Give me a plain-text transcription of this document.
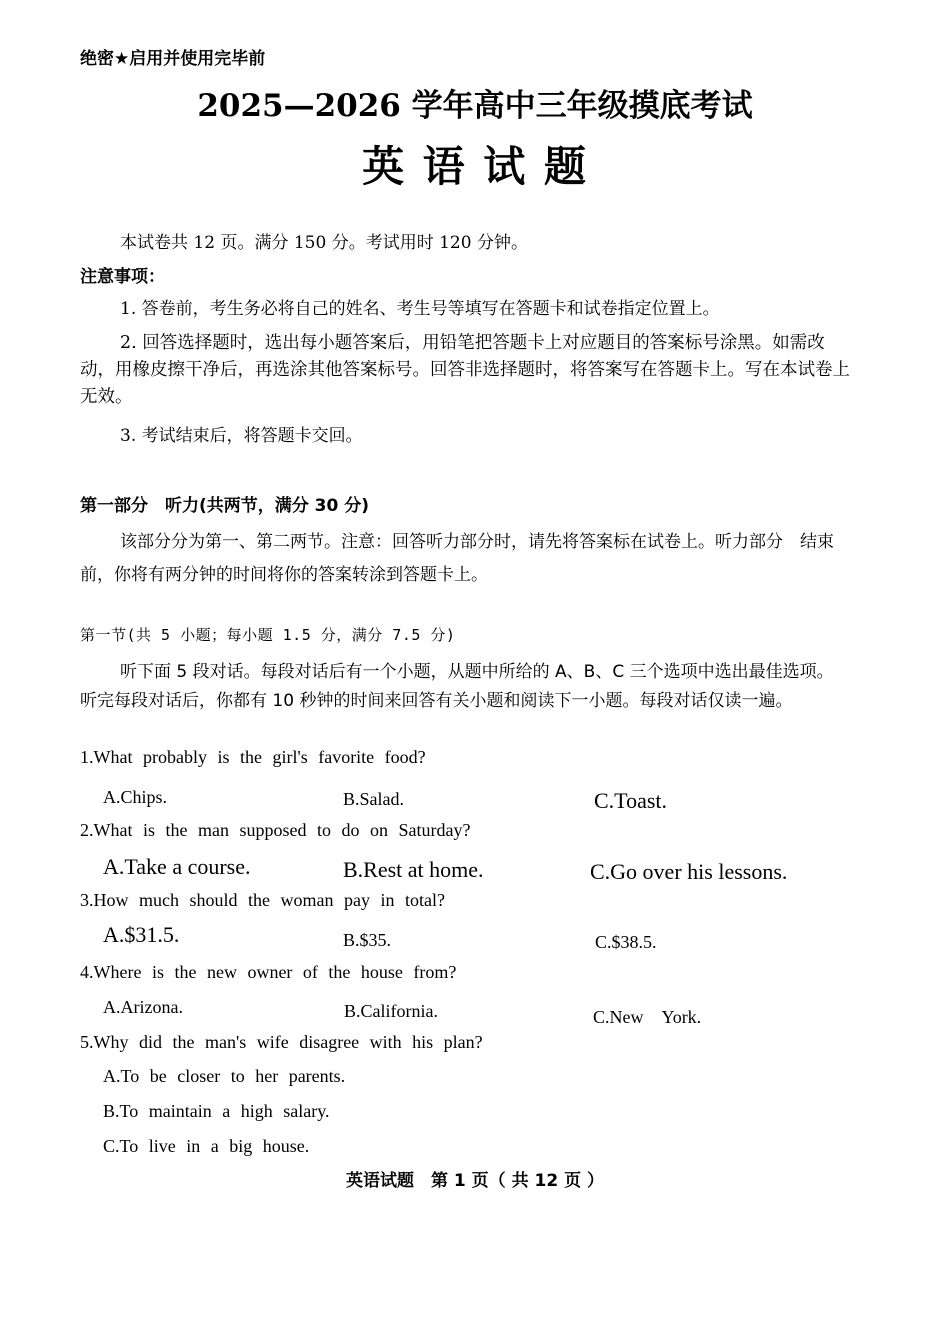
绝密★启用并使用完毕前
2025—2026 学年高中三年级摸底考试
英 语 试 题
本试卷共 12 页。满分 150 分。考试用时 120 分钟。
注意事项：
1. 答卷前，考生务必将自己的姓名、考生号等填写在答题卡和试卷指定位置上。
2. 回答选择题时，选出每小题答案后，用铅笔把答题卡上对应题目的答案标号涂黑。如需改动，用橡皮擦干净后，再选涂其他答案标号。回答非选择题时，将答案写在答题卡上。写在本试卷上无效。
3. 考试结束后，将答题卡交回。
第一部分　听力(共两节，满分 30 分)
该部分分为第一、第二两节。注意：回答听力部分时，请先将答案标在试卷上。听力部分　结束前，你将有两分钟的时间将你的答案转涂到答题卡上。
第一节(共 5 小题；每小题 1.5 分，满分 7.5 分)
听下面 5 段对话。每段对话后有一个小题，从题中所给的 A、B、C 三个选项中选出最佳选项。　听完每段对话后，你都有 10 秒钟的时间来回答有关小题和阅读下一小题。每段对话仅读一遍。
1.What probably is the girl's favorite food?
A.Chips.	B.Salad.	C.Toast.
2.What is the man supposed to do on Saturday?
A.Take a course.	B.Rest at home.	C.Go over his lessons.
3.How much should the woman pay in total?
A.$31.5.	B.$35.	C.$38.5.
4.Where is the new owner of the house from?
A.Arizona.	B.California.	C.New　York.
5.Why did the man's wife disagree with his plan?
A.To be closer to her parents.
B.To maintain a high salary.
C.To live in a big house.
英语试题　第 1 页（ 共 12 页 ）
